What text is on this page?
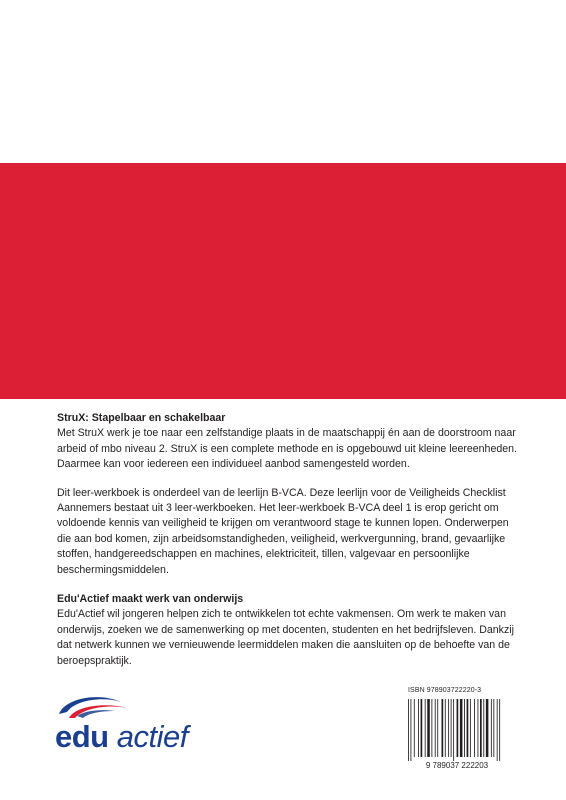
StruX: Stapelbaar en schakelbaar

Met StruX werk je toe naar een zelfstandige plaats in de maatschappij én aan de doorstroom naar arbeid of mbo niveau 2. StruX is een complete methode en is opgebouwd uit kleine leereenheden. Daarmee kan voor iedereen een individueel aanbod samengesteld worden.

Dit leer-werkboek is onderdeel van de leerlijn B-VCA. Deze leerlijn voor de Veiligheids Checklist Aannemers bestaat uit 3 leer-werkboeken. Het leer-werkboek B-VCA deel 1 is erop gericht om voldoende kennis van veiligheid te krijgen om verantwoord stage te kunnen lopen. Onderwerpen die aan bod komen, zijn arbeidsomstandigheden, veiligheid, werkvergunning, brand, gevaarlijke stoffen, handgereedschappen en machines, elektriciteit, tillen, valgevaar en persoonlijke beschermingsmiddelen.

Edu'Actief maakt werk van onderwijs

Edu'Actief wil jongeren helpen zich te ontwikkelen tot echte vakmensen. Om werk te maken van onderwijs, zoeken we de samenwerking op met docenten, studenten en het bedrijfsleven. Dankzij dat netwerk kunnen we vernieuwende leermiddelen maken die aansluiten op de behoefte van de beroepspraktijk.

ISBN 978903722220-3
9 789037 222203
edu actief
